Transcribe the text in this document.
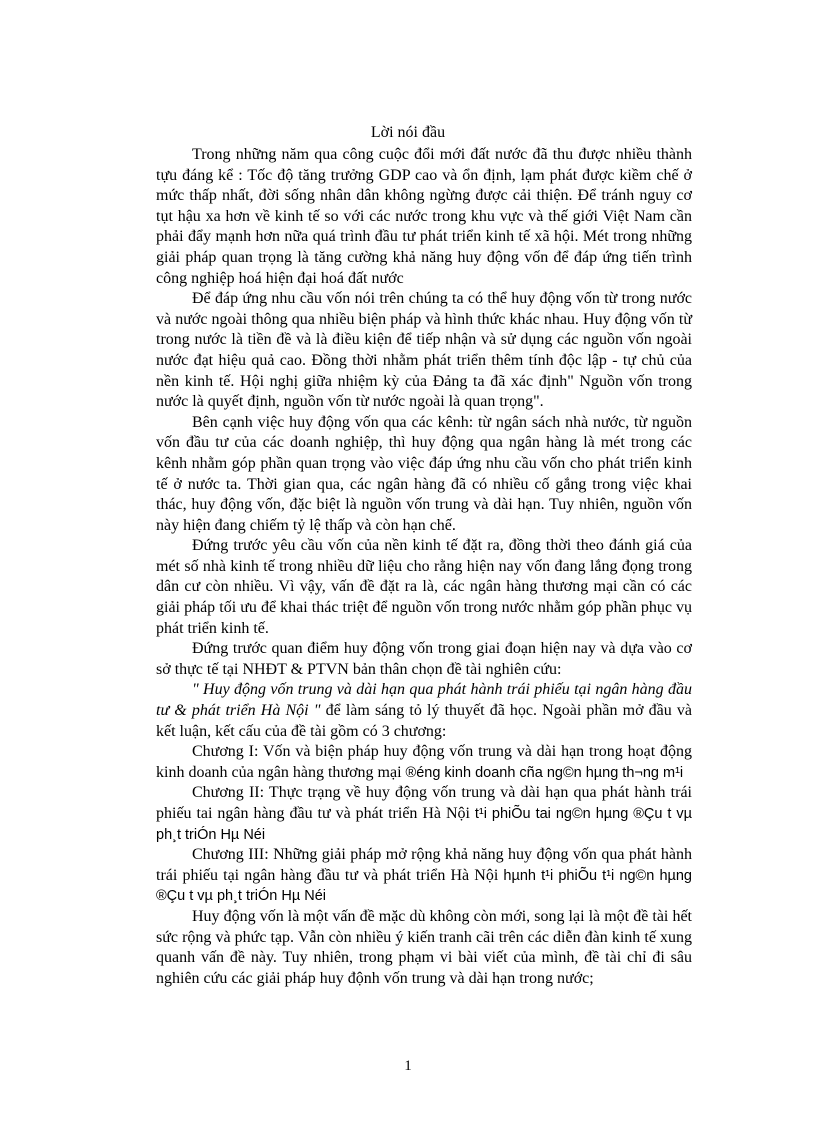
Lời nói đầu

Trong những năm qua công cuộc đổi mới đất nước đã thu được nhiều thành tựu đáng kể : Tốc độ tăng trưởng GDP cao và ổn định, lạm phát được kiềm chế ở mức thấp nhất, đời sống nhân dân không ngừng được cải thiện. Để tránh nguy cơ tụt hậu xa hơn về kinh tế so với các nước trong khu vực và thế giới Việt Nam cần phải đẩy mạnh hơn nữa quá trình đầu tư phát triển kinh tế xã hội. Mét trong những giải pháp quan trọng là tăng cường khả năng huy động vốn để đáp ứng tiến trình công nghiệp hoá hiện đại hoá đất nước

Để đáp ứng nhu cầu vốn nói trên chúng ta có thể huy động vốn từ trong nước và nước ngoài thông qua nhiều biện pháp và hình thức khác nhau. Huy động vốn từ trong nước là tiền đề và là điều kiện để tiếp nhận và sử dụng các nguồn vốn ngoài nước đạt hiệu quả cao. Đồng thời nhằm phát triển thêm tính độc lập - tự chủ của nền kinh tế. Hội nghị giữa nhiệm kỳ của Đảng ta đã xác định" Nguồn vốn trong nước là quyết định, nguồn vốn từ nước ngoài là quan trọng".

Bên cạnh việc huy động vốn qua các kênh: từ ngân sách nhà nước, từ nguồn vốn đầu tư của các doanh nghiệp, thì huy động qua ngân hàng là mét trong các kênh nhằm góp phần quan trọng vào việc đáp ứng nhu cầu vốn cho phát triển kinh tế ở nước ta. Thời gian qua, các ngân hàng đã có nhiều cố gắng trong việc khai thác, huy động vốn, đặc biệt là nguồn vốn trung và dài hạn. Tuy nhiên, nguồn vốn này hiện đang chiếm tỷ lệ thấp và còn hạn chế.

Đứng trước yêu cầu vốn của nền kinh tế đặt ra, đồng thời theo đánh giá của mét số nhà kinh tế trong nhiều dữ liệu cho rằng hiện nay vốn đang lắng đọng trong dân cư còn nhiều. Vì vậy, vấn đề đặt ra là, các ngân hàng thương mại cần có các giải pháp tối ưu để khai thác triệt để nguồn vốn trong nước nhằm góp phần phục vụ phát triển kinh tế.

Đứng trước quan điểm huy động vốn trong giai đoạn hiện nay và dựa vào cơ sở thực tế tại NHĐT & PTVN bản thân chọn đề tài nghiên cứu:

" Huy động vốn trung và dài hạn qua phát hành trái phiếu tại ngân hàng đầu tư & phát triển Hà Nội " để làm sáng tỏ lý thuyết đã học. Ngoài phần mở đầu và kết luận, kết cấu của đề tài gồm có 3 chương:

Chương I: Vốn và biện pháp huy động vốn trung và dài hạn trong hoạt động kinh doanh của ngân hàng thương mại ®éng kinh doanh cña ng©n hµng th¬ng m¹i

Chương II: Thực trạng về huy động vốn trung và dài hạn qua phát hành trái phiếu tai ngân hàng đầu tư và phát triển Hà Nội t¹i phiÕu tai ng©n hµng ®Çu t vµ ph¸t triÓn Hµ Néi

Chương III: Những giải pháp mở rộng khả năng huy động vốn qua phát hành trái phiếu tại ngân hàng đầu tư và phát triển Hà Nội hµnh t¹i phiÕu t¹i ng©n hµng ®Çu t vµ ph¸t triÓn Hµ Néi

Huy động vốn là một vấn đề mặc dù không còn mới, song lại là một đề tài hết sức rộng và phức tạp. Vẫn còn nhiều ý kiến tranh cãi trên các diễn đàn kinh tế xung quanh vấn đề này. Tuy nhiên, trong phạm vi bài viết của mình, đề tài chỉ đi sâu nghiên cứu các giải pháp huy độnh vốn trung và dài hạn trong nước;

1
